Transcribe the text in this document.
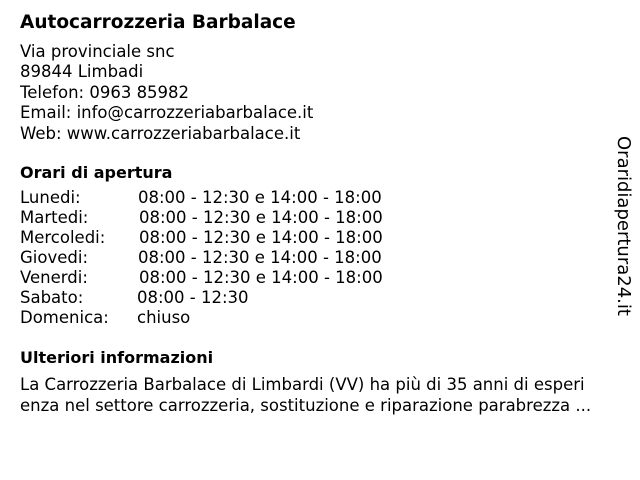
Autocarrozzeria Barbalace
Via provinciale snc
89844 Limbadi
Telefon: 0963 85982
Email: info@carrozzeriabarbalace.it
Web: www.carrozzeriabarbalace.it
Orari di apertura
Lunedi:	08:00 - 12:30 e 14:00 - 18:00
Martedi:	08:00 - 12:30 e 14:00 - 18:00
Mercoledi: 08:00 - 12:30 e 14:00 - 18:00
Giovedi:	08:00 - 12:30 e 14:00 - 18:00
Venerdi:	08:00 - 12:30 e 14:00 - 18:00
Sabato:	08:00 - 12:30
Domenica: chiuso
Ulteriori informazioni
La Carrozzeria Barbalace di Limbardi (VV) ha più di 35 anni di esperi
enza nel settore carrozzeria, sostituzione e riparazione parabrezza ...
Oraridiapertura24.it
